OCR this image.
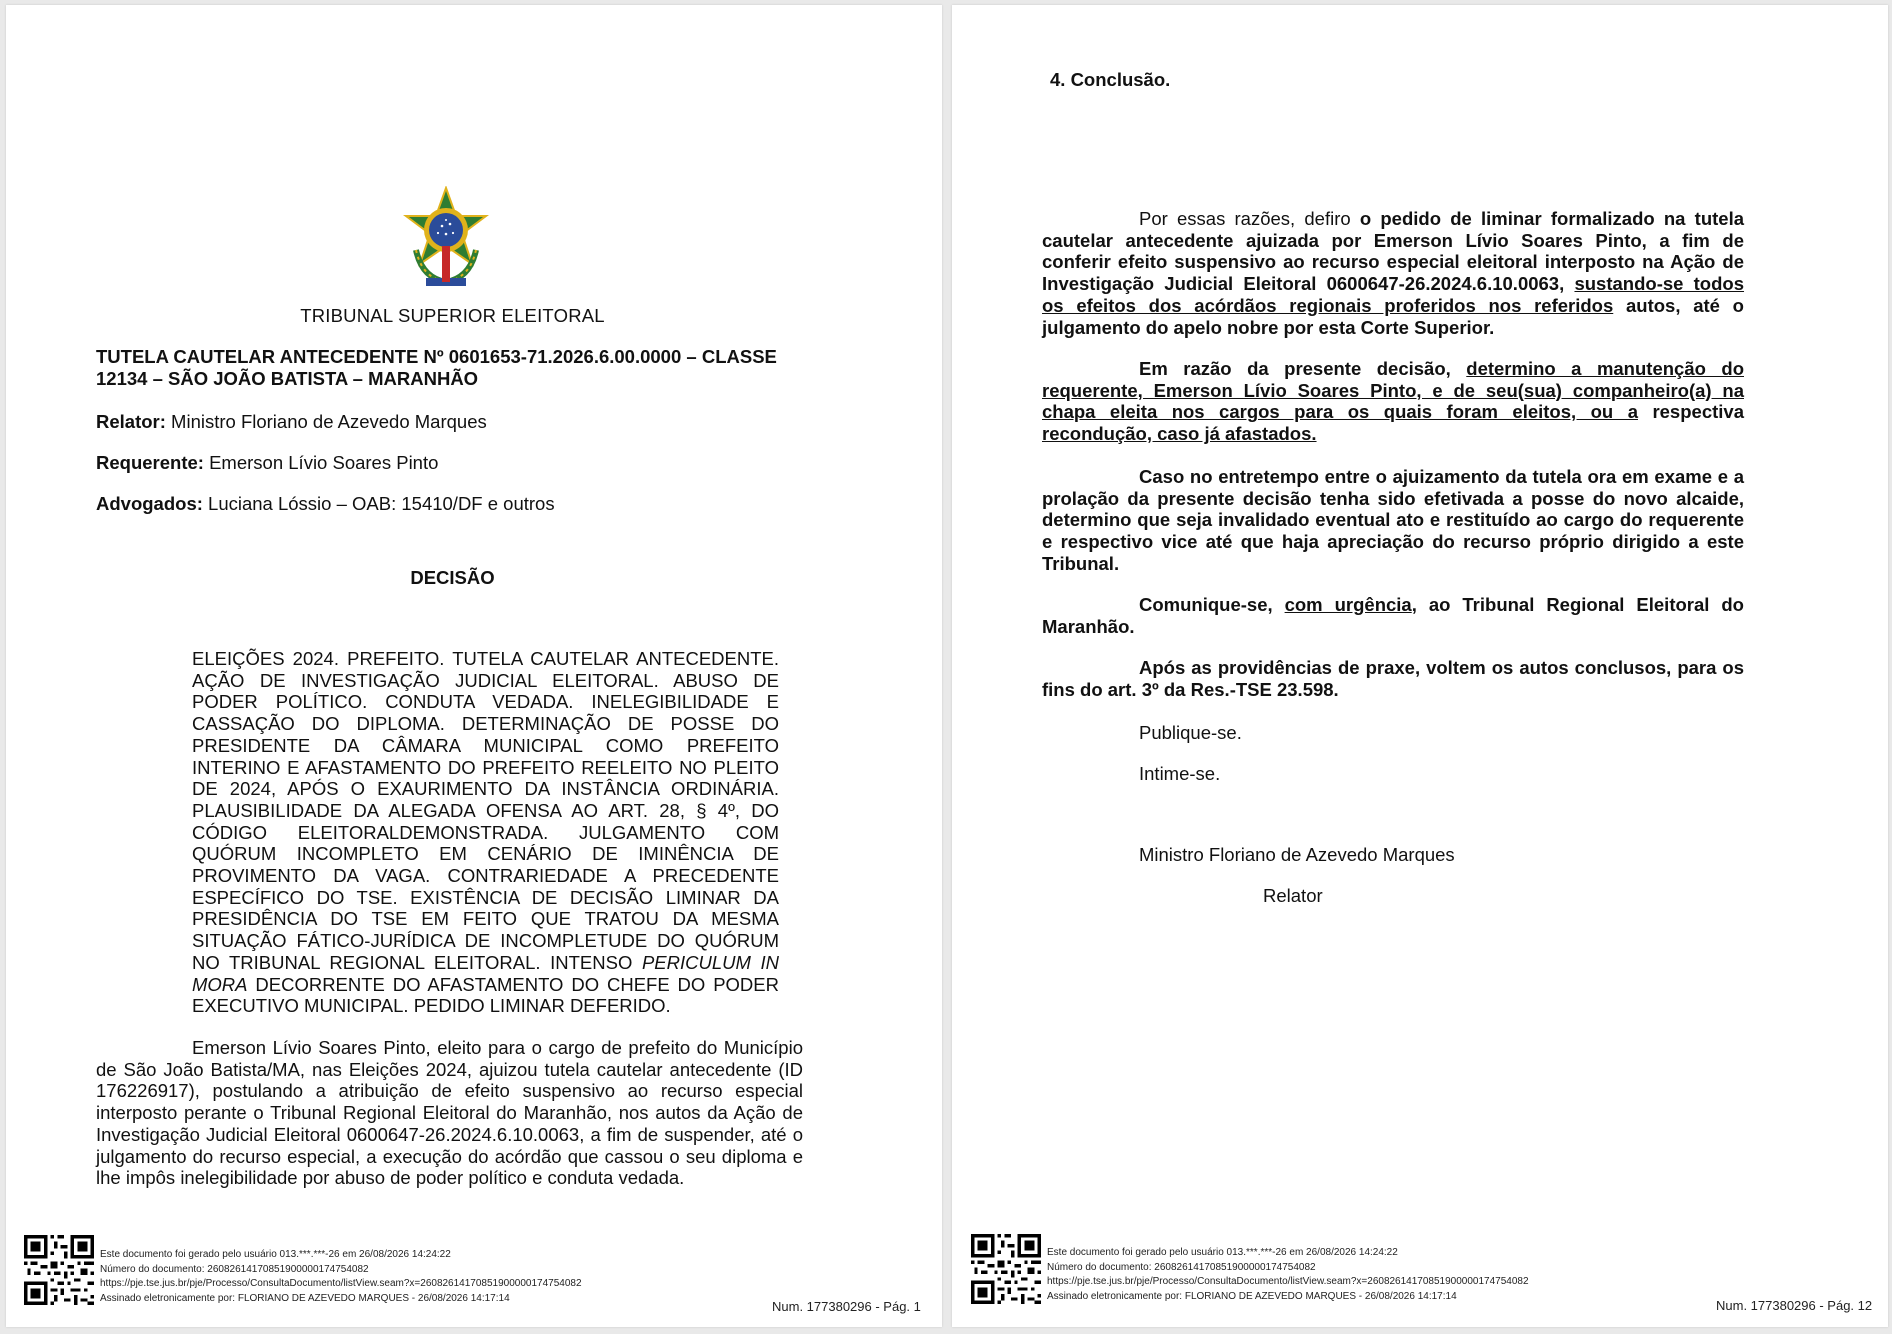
TRIBUNAL SUPERIOR ELEITORAL
TUTELA CAUTELAR ANTECEDENTE Nº 0601653-71.2026.6.00.0000 – CLASSE 12134 – SÃO JOÃO BATISTA – MARANHÃO
Relator: Ministro Floriano de Azevedo Marques
Requerente: Emerson Lívio Soares Pinto
Advogados: Luciana Lóssio – OAB: 15410/DF e outros
DECISÃO
ELEIÇÕES 2024. PREFEITO. TUTELA CAUTELAR ANTECEDENTE. AÇÃO DE INVESTIGAÇÃO JUDICIAL ELEITORAL. ABUSO DE PODER POLÍTICO. CONDUTA VEDADA. INELEGIBILIDADE E CASSAÇÃO DO DIPLOMA. DETERMINAÇÃO DE POSSE DO PRESIDENTE DA CÂMARA MUNICIPAL COMO PREFEITO INTERINO E AFASTAMENTO DO PREFEITO REELEITO NO PLEITO DE 2024, APÓS O EXAURIMENTO DA INSTÂNCIA ORDINÁRIA. PLAUSIBILIDADE DA ALEGADA OFENSA AO ART. 28, § 4º, DO CÓDIGO ELEITORALDEMONSTRADA. JULGAMENTO COM QUÓRUM INCOMPLETO EM CENÁRIO DE IMINÊNCIA DE PROVIMENTO DA VAGA. CONTRARIEDADE A PRECEDENTE ESPECÍFICO DO TSE. EXISTÊNCIA DE DECISÃO LIMINAR DA PRESIDÊNCIA DO TSE EM FEITO QUE TRATOU DA MESMA SITUAÇÃO FÁTICO-JURÍDICA DE INCOMPLETUDE DO QUÓRUM NO TRIBUNAL REGIONAL ELEITORAL. INTENSO PERICULUM IN MORA DECORRENTE DO AFASTAMENTO DO CHEFE DO PODER EXECUTIVO MUNICIPAL. PEDIDO LIMINAR DEFERIDO.
Emerson Lívio Soares Pinto, eleito para o cargo de prefeito do Município de São João Batista/MA, nas Eleições 2024, ajuizou tutela cautelar antecedente (ID 176226917), postulando a atribuição de efeito suspensivo ao recurso especial interposto perante o Tribunal Regional Eleitoral do Maranhão, nos autos da Ação de Investigação Judicial Eleitoral 0600647-26.2024.6.10.0063, a fim de suspender, até o julgamento do recurso especial, a execução do acórdão que cassou o seu diploma e lhe impôs inelegibilidade por abuso de poder político e conduta vedada.
Este documento foi gerado pelo usuário 013.***.***-26 em 26/08/2026 14:24:22
Número do documento: 26082614170851900000174754082
https://pje.tse.jus.br/pje/Processo/ConsultaDocumento/listView.seam?x=26082614170851900000174754082
Assinado eletronicamente por: FLORIANO DE AZEVEDO MARQUES - 26/08/2026 14:17:14
Num. 177380296 - Pág. 1
4. Conclusão.
Por essas razões, defiro o pedido de liminar formalizado na tutela cautelar antecedente ajuizada por Emerson Lívio Soares Pinto, a fim de conferir efeito suspensivo ao recurso especial eleitoral interposto na Ação de Investigação Judicial Eleitoral 0600647-26.2024.6.10.0063, sustando-se todos os efeitos dos acórdãos regionais proferidos nos referidos autos, até o julgamento do apelo nobre por esta Corte Superior.
Em razão da presente decisão, determino a manutenção do requerente, Emerson Lívio Soares Pinto, e de seu(sua) companheiro(a) na chapa eleita nos cargos para os quais foram eleitos, ou a respectiva recondução, caso já afastados.
Caso no entretempo entre o ajuizamento da tutela ora em exame e a prolação da presente decisão tenha sido efetivada a posse do novo alcaide, determino que seja invalidado eventual ato e restituído ao cargo do requerente e respectivo vice até que haja apreciação do recurso próprio dirigido a este Tribunal.
Comunique-se, com urgência, ao Tribunal Regional Eleitoral do Maranhão.
Após as providências de praxe, voltem os autos conclusos, para os fins do art. 3º da Res.-TSE 23.598.
Publique-se.
Intime-se.
Ministro Floriano de Azevedo Marques
Relator
Este documento foi gerado pelo usuário 013.***.***-26 em 26/08/2026 14:24:22
Número do documento: 26082614170851900000174754082
https://pje.tse.jus.br/pje/Processo/ConsultaDocumento/listView.seam?x=26082614170851900000174754082
Assinado eletronicamente por: FLORIANO DE AZEVEDO MARQUES - 26/08/2026 14:17:14
Num. 177380296 - Pág. 12
